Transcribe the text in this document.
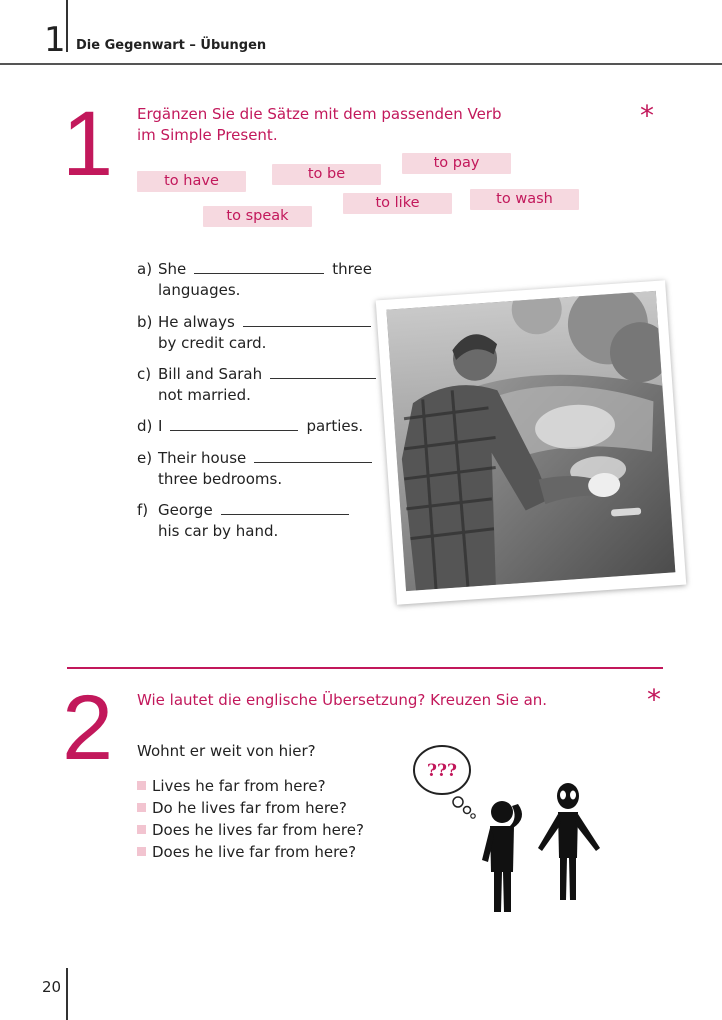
1 Die Gegenwart – Übungen
1 Ergänzen Sie die Sätze mit dem passenden Verb
im Simple Present.
*
to have	to be
to pay
to like	to wash
to speak
a) She	three
languages.
b) He always
by credit card.
c) Bill and Sarah
not married.
d) I	parties.
e) Their house
three bedrooms.
f) George
his car by hand.
2 Wie lautet die englische Übersetzung? Kreuzen Sie an.	*
Wohnt er weit von hier?
Lives he far from here?
Do he lives far from here?
Does he lives far from here?
Does he live far from here?
???
20
